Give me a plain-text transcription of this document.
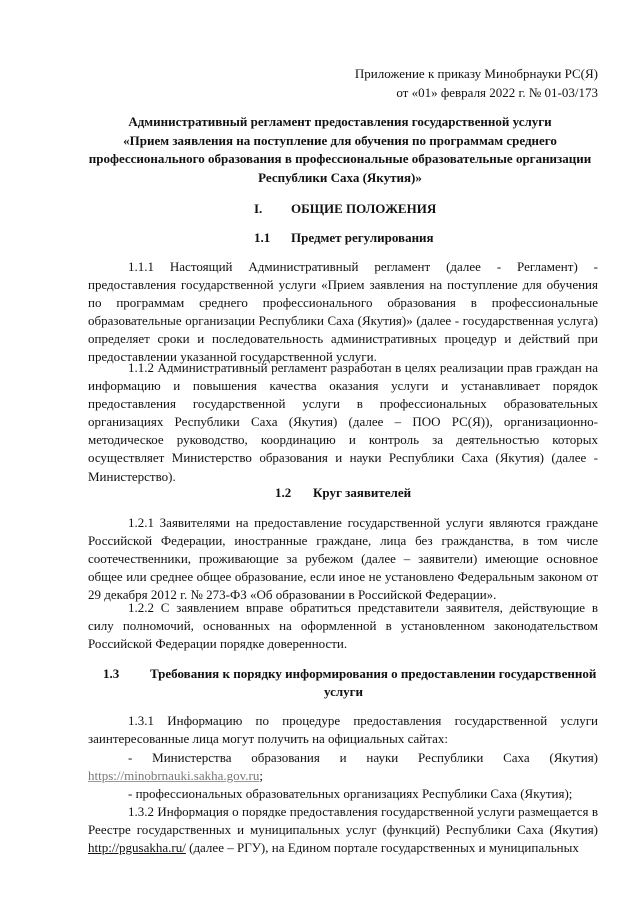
Приложение к приказу Минобрнауки РС(Я)
от «01» февраля 2022 г. № 01-03/173
Административный регламент предоставления государственной услуги
«Прием заявления на поступление для обучения по программам среднего
профессионального образования в профессиональные образовательные организации
Республики Саха (Якутия)»
I. ОБЩИЕ ПОЛОЖЕНИЯ
1.1 Предмет регулирования
1.1.1 Настоящий Административный регламент (далее - Регламент) - предоставления государственной услуги «Прием заявления на поступление для обучения по программам среднего профессионального образования в профессиональные образовательные организации Республики Саха (Якутия)» (далее - государственная услуга) определяет сроки и последовательность административных процедур и действий при предоставлении указанной государственной услуги.
1.1.2 Административный регламент разработан в целях реализации прав граждан на информацию и повышения качества оказания услуги и устанавливает порядок предоставления государственной услуги в профессиональных образовательных организациях Республики Саха (Якутия) (далее – ПОО РС(Я)), организационно-методическое руководство, координацию и контроль за деятельностью которых осуществляет Министерство образования и науки Республики Саха (Якутия) (далее - Министерство).
1.2 Круг заявителей
1.2.1 Заявителями на предоставление государственной услуги являются граждане Российской Федерации, иностранные граждане, лица без гражданства, в том числе соотечественники, проживающие за рубежом (далее – заявители) имеющие основное общее или среднее общее образование, если иное не установлено Федеральным законом от 29 декабря 2012 г. № 273-ФЗ «Об образовании в Российской Федерации».
1.2.2 С заявлением вправе обратиться представители заявителя, действующие в силу полномочий, основанных на оформленной в установленном законодательством Российской Федерации порядке доверенности.
1.3 Требования к порядку информирования о предоставлении государственной
услуги
1.3.1 Информацию по процедуре предоставления государственной услуги заинтересованные лица могут получить на официальных сайтах:
- Министерства образования и науки Республики Саха (Якутия) https://minobrnauki.sakha.gov.ru;
- профессиональных образовательных организациях Республики Саха (Якутия);
1.3.2 Информация о порядке предоставления государственной услуги размещается в Реестре государственных и муниципальных услуг (функций) Республики Саха (Якутия) http://pgusakha.ru/ (далее – РГУ), на Едином портале государственных и муниципальных
